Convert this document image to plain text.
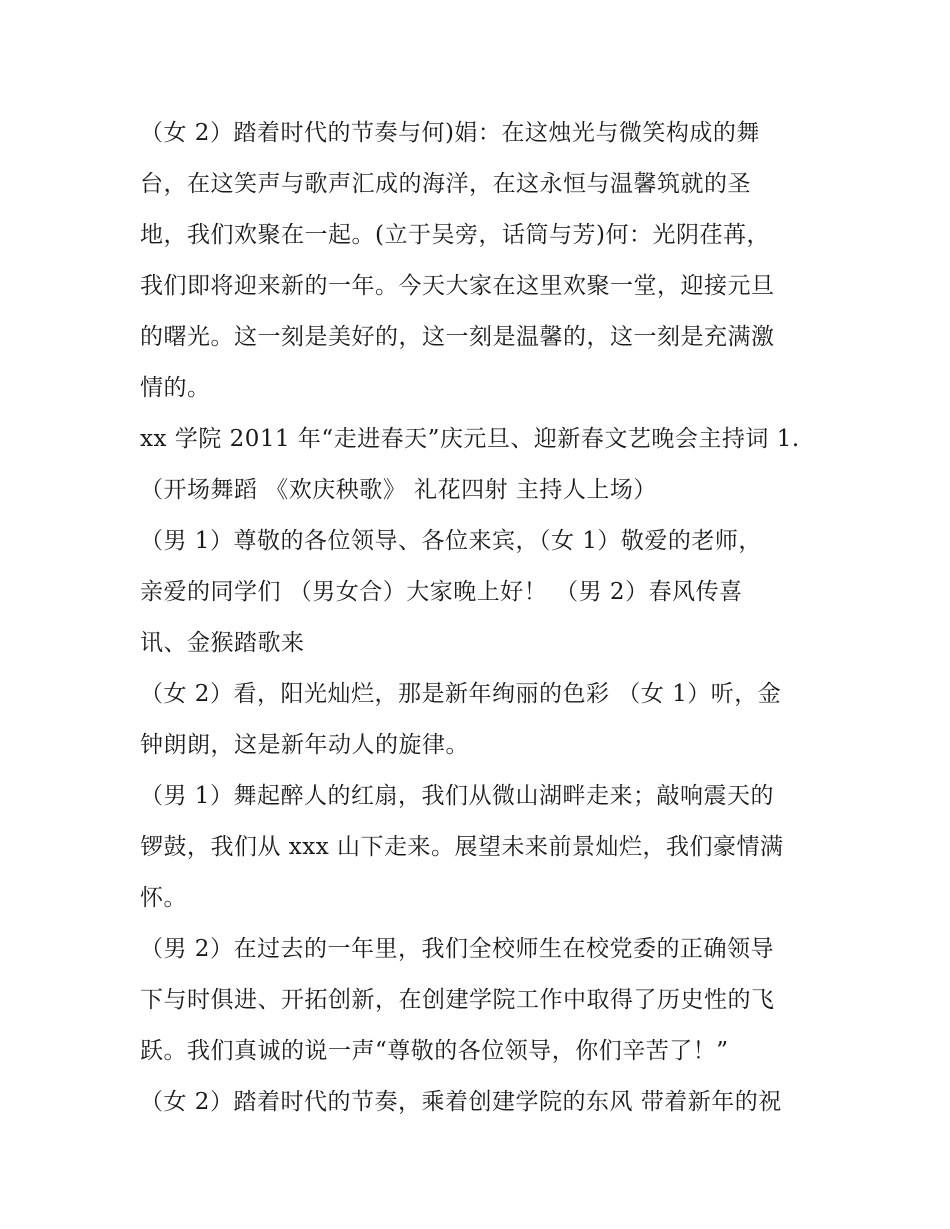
（女 2）踏着时代的节奏与何)娟：在这烛光与微笑构成的舞
台，在这笑声与歌声汇成的海洋，在这永恒与温馨筑就的圣
地，我们欢聚在一起。(立于吴旁，话筒与芳)何：光阴荏苒，
我们即将迎来新的一年。今天大家在这里欢聚一堂，迎接元旦
的曙光。这一刻是美好的，这一刻是温馨的，这一刻是充满激
情的。
xx 学院 2011 年“走进春天”庆元旦、迎新春文艺晚会主持词 1.
（开场舞蹈 《欢庆秧歌》 礼花四射 主持人上场）
（男 1）尊敬的各位领导、各位来宾，（女 1）敬爱的老师，
亲爱的同学们 （男女合）大家晚上好！ （男 2）春风传喜
讯、金猴踏歌来
（女 2）看，阳光灿烂，那是新年绚丽的色彩 （女 1）听，金
钟朗朗，这是新年动人的旋律。
（男 1）舞起醉人的红扇，我们从微山湖畔走来；敲响震天的
锣鼓，我们从 xxx 山下走来。展望未来前景灿烂，我们豪情满
怀。
（男 2）在过去的一年里，我们全校师生在校党委的正确领导
下与时俱进、开拓创新，在创建学院工作中取得了历史性的飞
跃。我们真诚的说一声“尊敬的各位领导，你们辛苦了！”
（女 2）踏着时代的节奏，乘着创建学院的东风 带着新年的祝
